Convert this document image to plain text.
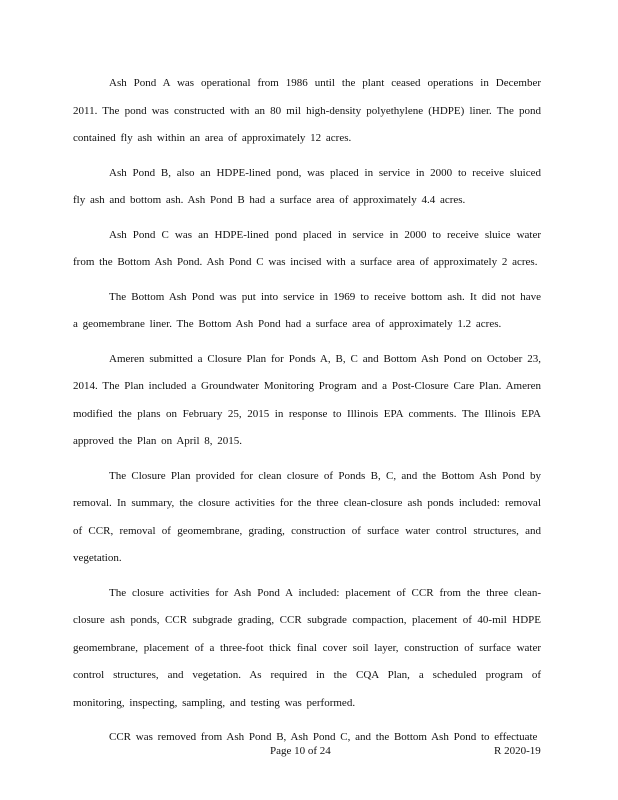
Ash Pond A was operational from 1986 until the plant ceased operations in December 2011. The pond was constructed with an 80 mil high-density polyethylene (HDPE) liner. The pond contained fly ash within an area of approximately 12 acres.

Ash Pond B, also an HDPE-lined pond, was placed in service in 2000 to receive sluiced fly ash and bottom ash. Ash Pond B had a surface area of approximately 4.4 acres.

Ash Pond C was an HDPE-lined pond placed in service in 2000 to receive sluice water from the Bottom Ash Pond. Ash Pond C was incised with a surface area of approximately 2 acres.

The Bottom Ash Pond was put into service in 1969 to receive bottom ash. It did not have a geomembrane liner. The Bottom Ash Pond had a surface area of approximately 1.2 acres.

Ameren submitted a Closure Plan for Ponds A, B, C and Bottom Ash Pond on October 23, 2014. The Plan included a Groundwater Monitoring Program and a Post-Closure Care Plan. Ameren modified the plans on February 25, 2015 in response to Illinois EPA comments. The Illinois EPA approved the Plan on April 8, 2015.

The Closure Plan provided for clean closure of Ponds B, C, and the Bottom Ash Pond by removal. In summary, the closure activities for the three clean-closure ash ponds included: removal of CCR, removal of geomembrane, grading, construction of surface water control structures, and vegetation.

The closure activities for Ash Pond A included: placement of CCR from the three clean-closure ash ponds, CCR subgrade grading, CCR subgrade compaction, placement of 40-mil HDPE geomembrane, placement of a three-foot thick final cover soil layer, construction of surface water control structures, and vegetation. As required in the CQA Plan, a scheduled program of monitoring, inspecting, sampling, and testing was performed.

CCR was removed from Ash Pond B, Ash Pond C, and the Bottom Ash Pond to effectuate

Page 10 of 24	R 2020-19
